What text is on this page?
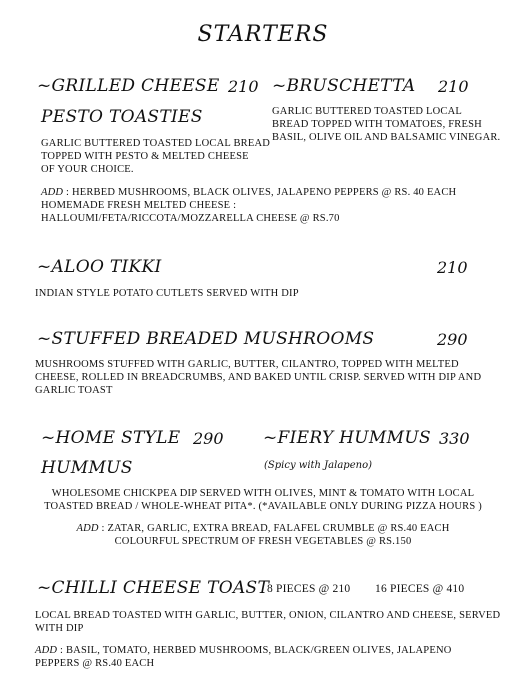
STARTERS
~GRILLED CHEESE 210
PESTO TOASTIES
GARLIC BUTTERED TOASTED LOCAL BREAD
TOPPED WITH PESTO & MELTED CHEESE
OF YOUR CHOICE.
~BRUSCHETTA 210
GARLIC BUTTERED TOASTED LOCAL
BREAD TOPPED WITH TOMATOES, FRESH
BASIL, OLIVE OIL AND BALSAMIC VINEGAR.
ADD : HERBED MUSHROOMS, BLACK OLIVES, JALAPENO PEPPERS @ RS. 40 EACH
HOMEMADE FRESH MELTED CHEESE :
HALLOUMI/FETA/RICCOTA/MOZZARELLA CHEESE @ RS.70
~ALOO TIKKI	210
INDIAN STYLE POTATO CUTLETS SERVED WITH DIP
~STUFFED BREADED MUSHROOMS	290
MUSHROOMS STUFFED WITH GARLIC, BUTTER, CILANTRO, TOPPED WITH MELTED
CHEESE, ROLLED IN BREADCRUMBS, AND BAKED UNTIL CRISP. SERVED WITH DIP AND
GARLIC TOAST
~HOME STYLE 290
HUMMUS
~FIERY HUMMUS 330
(Spicy with Jalapeno)
WHOLESOME CHICKPEA DIP SERVED WITH OLIVES, MINT & TOMATO WITH LOCAL
TOASTED BREAD / WHOLE-WHEAT PITA*. (*AVAILABLE ONLY DURING PIZZA HOURS )
ADD : ZATAR, GARLIC, EXTRA BREAD, FALAFEL CRUMBLE @ RS.40 EACH
COLOURFUL SPECTRUM OF FRESH VEGETABLES @ RS.150
~CHILLI CHEESE TOAST
8 PIECES @ 210 16 PIECES @ 410
LOCAL BREAD TOASTED WITH GARLIC, BUTTER, ONION, CILANTRO AND CHEESE, SERVED
WITH DIP
ADD : BASIL, TOMATO, HERBED MUSHROOMS, BLACK/GREEN OLIVES, JALAPENO
PEPPERS @ RS.40 EACH
